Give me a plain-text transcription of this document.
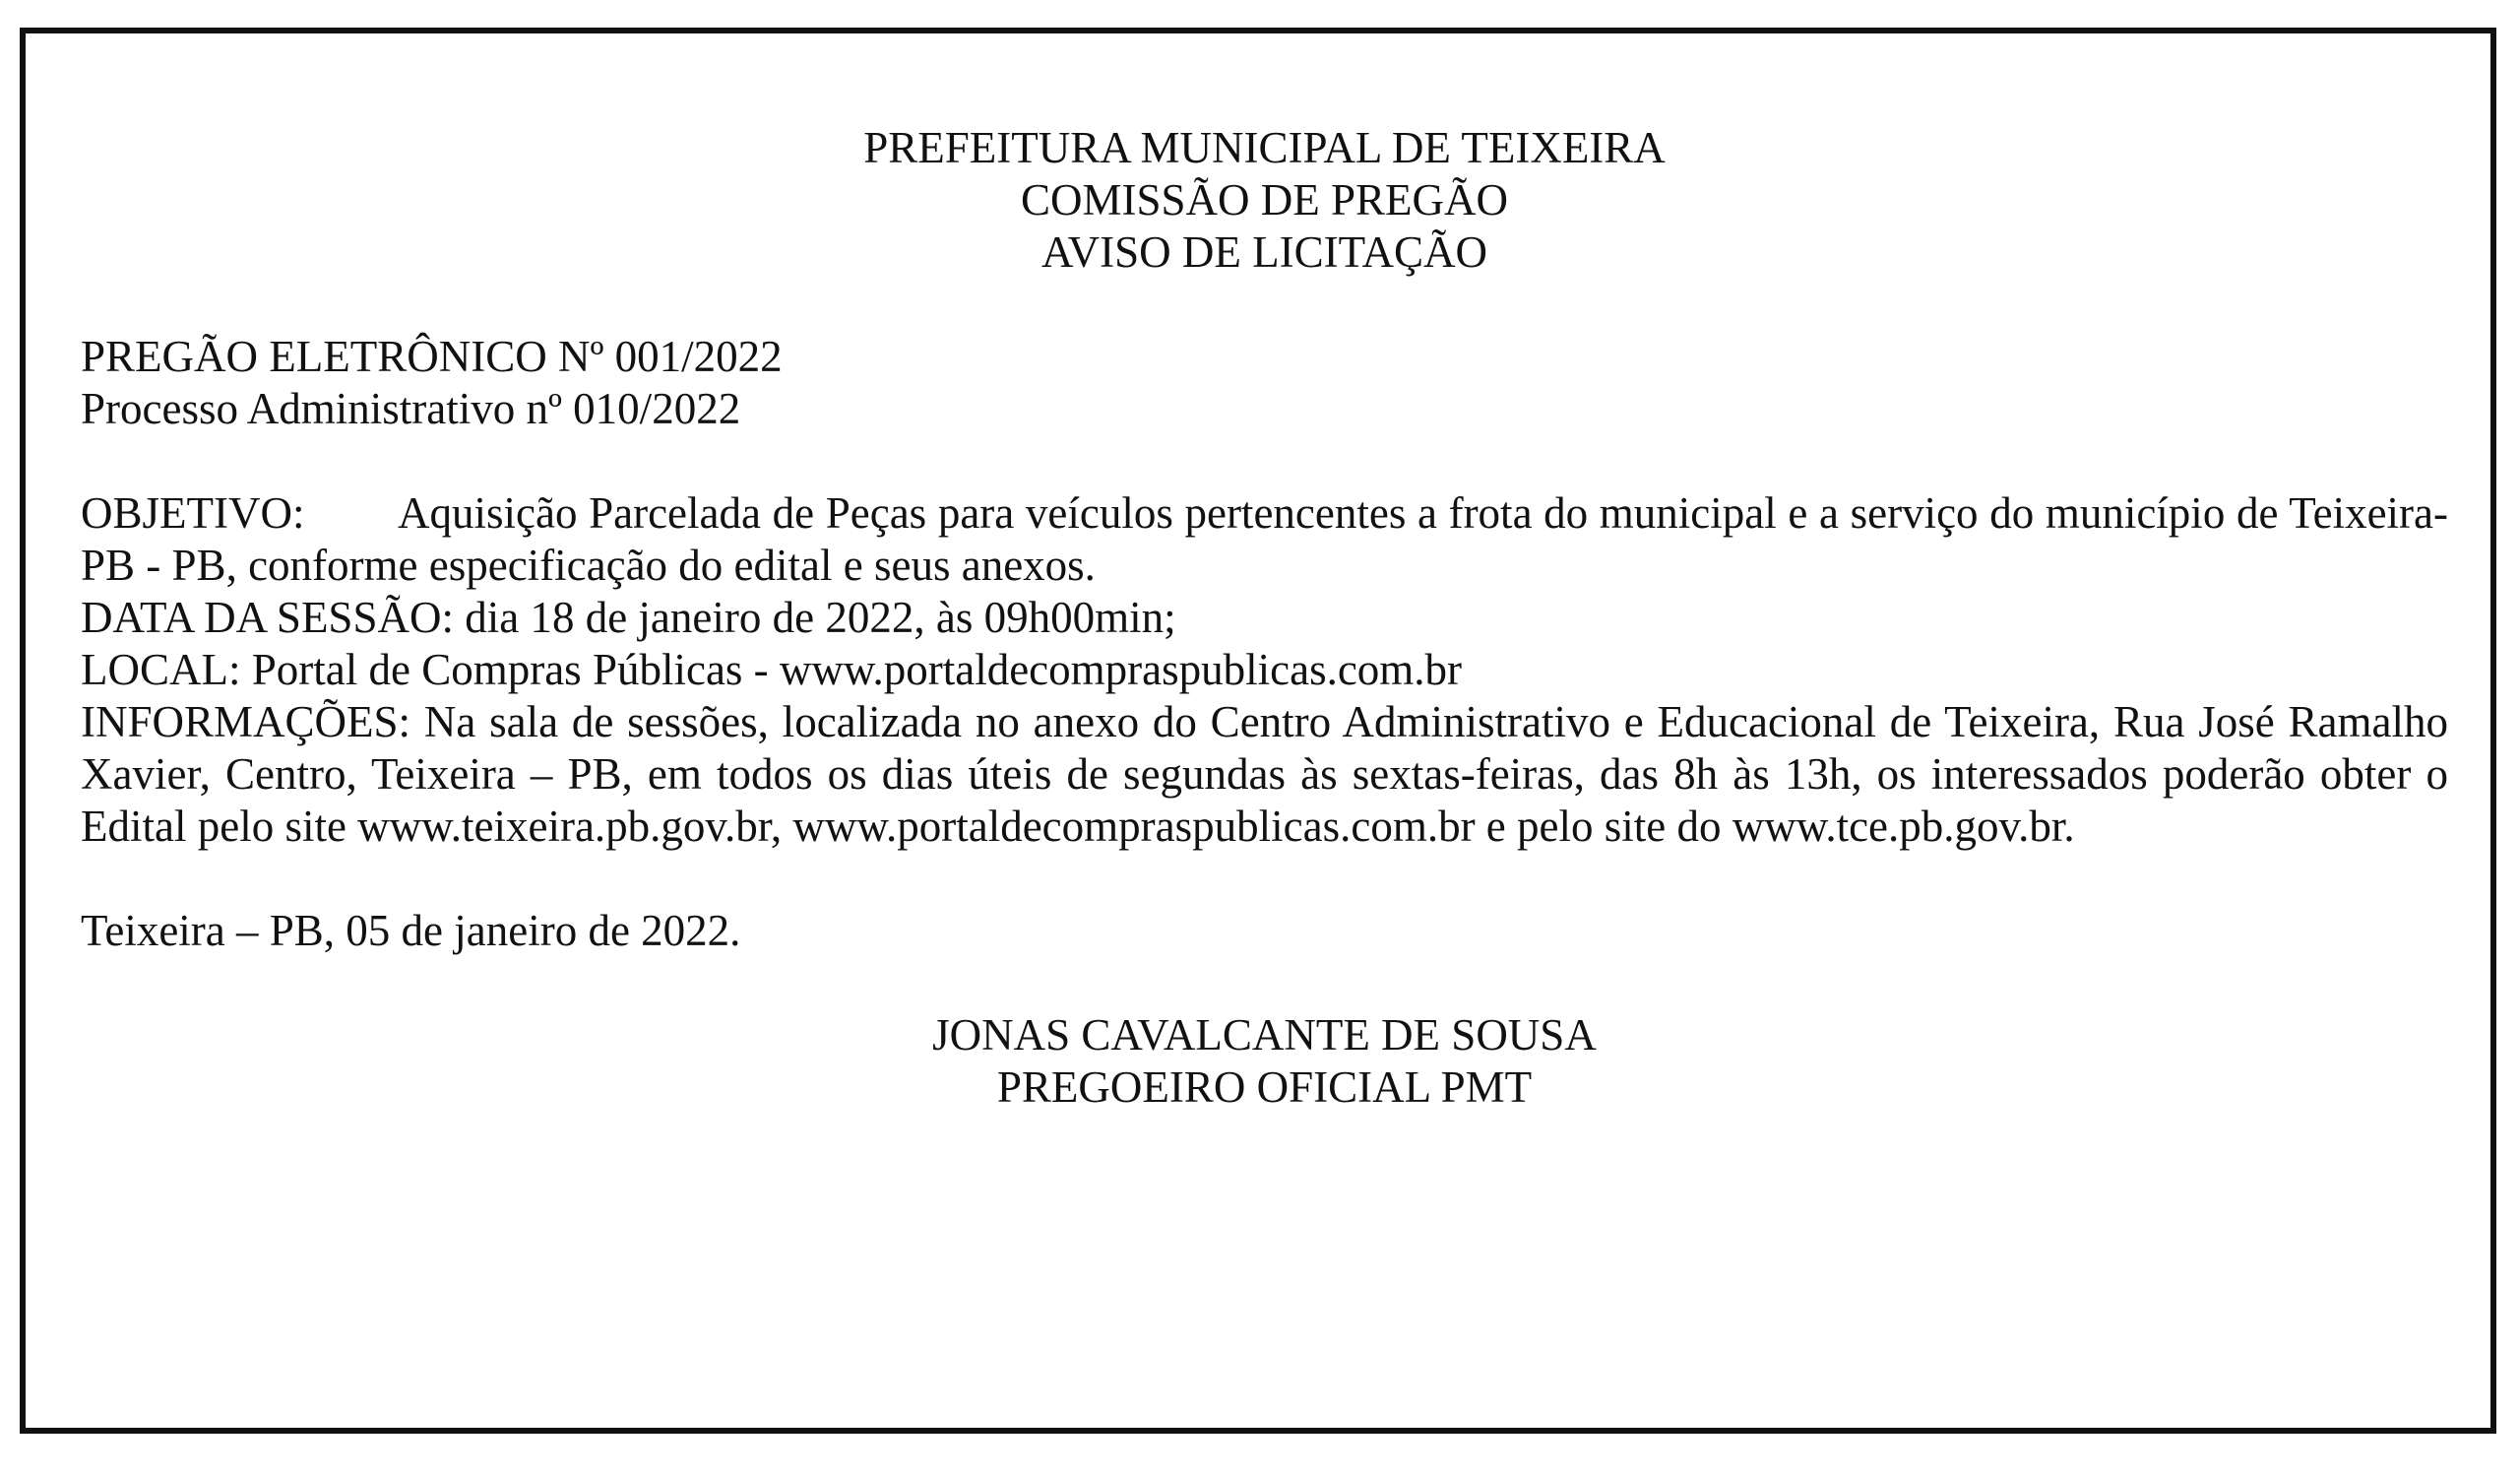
PREFEITURA MUNICIPAL DE TEIXEIRA
COMISSÃO DE PREGÃO
AVISO DE LICITAÇÃO
PREGÃO ELETRÔNICO Nº 001/2022
Processo Administrativo nº 010/2022

OBJETIVO: Aquisição Parcelada de Peças para veículos pertencentes a frota do municipal e a serviço do município de Teixeira-PB - PB, conforme especificação do edital e seus anexos.

DATA DA SESSÃO: dia 18 de janeiro de 2022, às 09h00min;

LOCAL: Portal de Compras Públicas - www.portaldecompraspublicas.com.br

INFORMAÇÕES: Na sala de sessões, localizada no anexo do Centro Administrativo e Educacional de Teixeira, Rua José Ramalho Xavier, Centro, Teixeira – PB, em todos os dias úteis de segundas às sextas-feiras, das 8h às 13h, os interessados poderão obter o Edital pelo site www.teixeira.pb.gov.br, www.portaldecompraspublicas.com.br e pelo site do www.tce.pb.gov.br.

Teixeira – PB, 05 de janeiro de 2022.
JONAS CAVALCANTE DE SOUSA
PREGOEIRO OFICIAL PMT
